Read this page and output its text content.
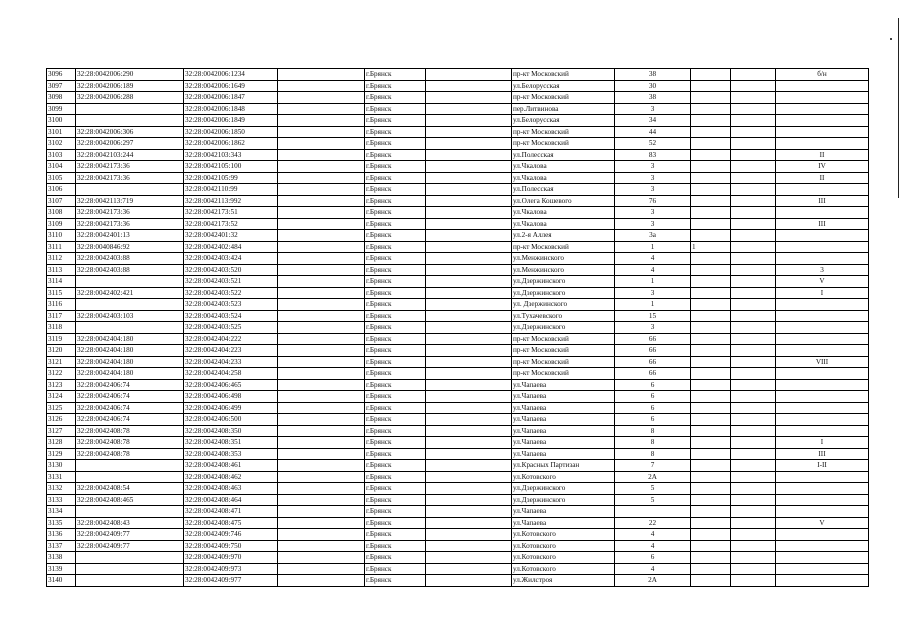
3096	32:28:0042006:290	32:28:0042006:1234		г.Брянск		пр-кт Московский	38			б/н
3097	32:28:0042006:189	32:28:0042006:1649		г.Брянск		ул.Белорусская	30			
3098	32:28:0042006:288	32:28:0042006:1847		г.Брянск		пр-кт Московский	38			
3099		32:28:0042006:1848		г.Брянск		пер.Литвинова	3			
3100		32:28:0042006:1849		г.Брянск		ул.Белорусская	34			
3101	32:28:0042006:306	32:28:0042006:1850		г.Брянск		пр-кт Московский	44			
3102	32:28:0042006:297	32:28:0042006:1862		г.Брянск		пр-кт Московский	52			
3103	32:28:0042103:244	32:28:0042103:343		г.Брянск		ул.Полесская	83			II
3104	32:28:0042173:36	32:28:0042105:100		г.Брянск		ул.Чкалова	3			IV
3105	32:28:0042173:36	32:28:0042105:99		г.Брянск		ул.Чкалова	3			II
3106		32:28:0042110:99		г.Брянск		ул.Полесская	3			
3107	32:28:0042113:719	32:28:0042113:992		г.Брянск		ул.Олега Кошевого	76			III
3108	32:28:0042173:36	32:28:0042173:51		г.Брянск		ул.Чкалова	3			
3109	32:28:0042173:36	32:28:0042173:52		г.Брянск		ул.Чкалова	3			III
3110	32:28:0042401:13	32:28:0042401:32		г.Брянск		ул.2-я Аллея	3а			
3111	32:28:0040846:92	32:28:0042402:484		г.Брянск		пр-кт Московский	1	1		
3112	32:28:0042403:88	32:28:0042403:424		г.Брянск		ул.Менжинского	4			
3113	32:28:0042403:88	32:28:0042403:520		г.Брянск		ул.Менжинского	4			3
3114		32:28:0042403:521		г.Брянск		ул.Дзержинского	1			V
3115	32:28:0042402:421	32:28:0042403:522		г.Брянск		ул.Дзержинского	3			I
3116		32:28:0042403:523		г.Брянск		ул. Дзержинского	1			
3117	32:28:0042403:103	32:28:0042403:524		г.Брянск		ул.Тухачевского	15			
3118		32:28:0042403:525		г.Брянск		ул.Дзержинского	3			
3119	32:28:0042404:180	32:28:0042404:222		г.Брянск		пр-кт Московский	66			
3120	32:28:0042404:180	32:28:0042404:223		г.Брянск		пр-кт Московский	66			
3121	32:28:0042404:180	32:28:0042404:233		г.Брянск		пр-кт Московский	66			VIII
3122	32:28:0042404:180	32:28:0042404:258		г.Брянск		пр-кт Московский	66			
3123	32:28:0042406:74	32:28:0042406:465		г.Брянск		ул.Чапаева	6			
3124	32:28:0042406:74	32:28:0042406:498		г.Брянск		ул.Чапаева	6			
3125	32:28:0042406:74	32:28:0042406:499		г.Брянск		ул.Чапаева	6			
3126	32:28:0042406:74	32:28:0042406:500		г.Брянск		ул.Чапаева	6			
3127	32:28:0042408:78	32:28:0042408:350		г.Брянск		ул.Чапаева	8			
3128	32:28:0042408:78	32:28:0042408:351		г.Брянск		ул.Чапаева	8			I
3129	32:28:0042408:78	32:28:0042408:353		г.Брянск		ул.Чапаева	8			III
3130		32:28:0042408:461		г.Брянск		ул.Красных Партизан	7			I-II
3131		32:28:0042408:462		г.Брянск		ул.Котовского	2А			
3132	32:28:0042408:54	32:28:0042408:463		г.Брянск		ул.Дзержинского	5			
3133	32:28:0042408:465	32:28:0042408:464		г.Брянск		ул.Дзержинского	5			
3134		32:28:0042408:471		г.Брянск		ул.Чапаева				
3135	32:28:0042408:43	32:28:0042408:475		г.Брянск		ул.Чапаева	22			V
3136	32:28:0042409:77	32:28:0042409:746		г.Брянск		ул.Котовского	4			
3137	32:28:0042409:77	32:28:0042409:750		г.Брянск		ул.Котовского	4			
3138		32:28:0042409:970		г.Брянск		ул.Котовского	6			
3139		32:28:0042409:973		г.Брянск		ул.Котовского	4			
3140		32:28:0042409:977		г.Брянск		ул.Жилстроя	2А			
